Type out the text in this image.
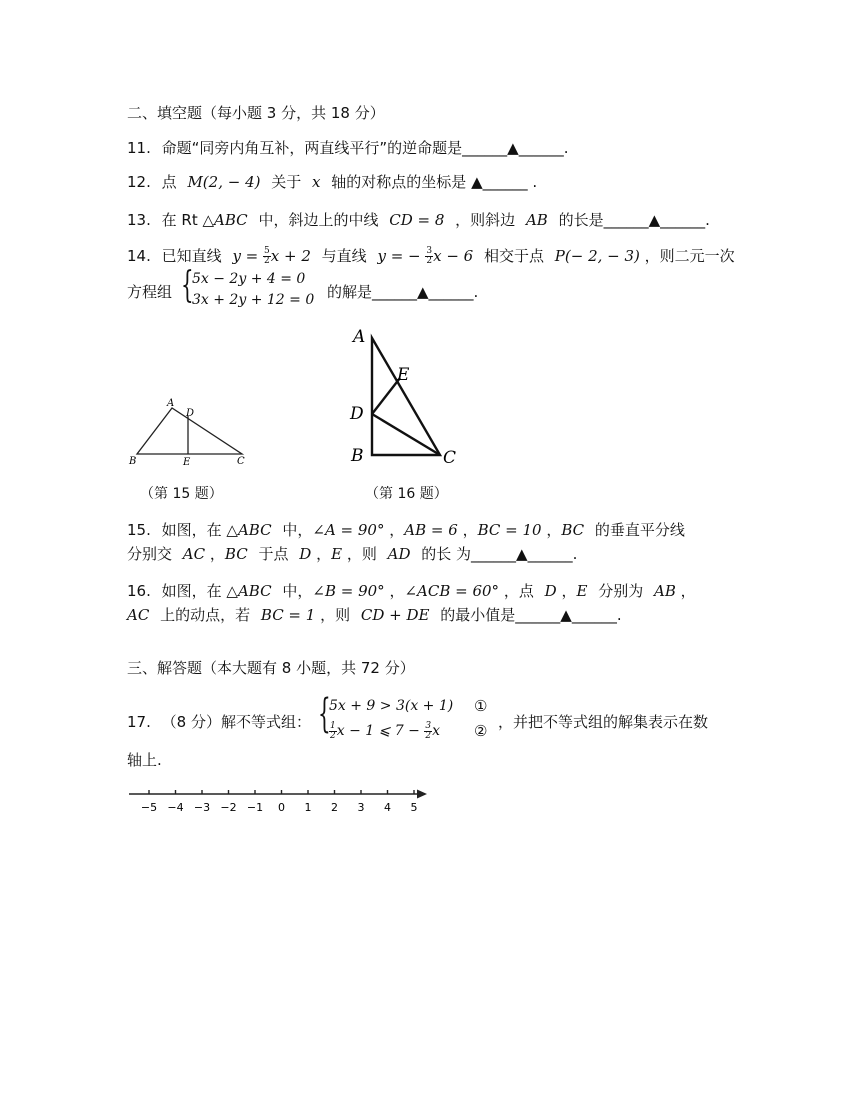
二、填空题（每小题 3 分，共 18 分）
11. 命题“同旁内角互补，两直线平行”的逆命题是______▲______.
12. 点 M(2, − 4) 关于 x 轴的对称点的坐标是 ▲______ .
13. 在 Rt △ABC 中，斜边上的中线 CD = 8 ，则斜边 AB 的长是______▲______.
14. 已知直线 $y = \frac{5}{2}$ x + 2 与直线 y = − $\frac{3}{2}$ x − 6 相交于点 P(− 2, − 3) ，则二元一次
方程组 {
5x − 2y + 4 = 0
3x + 2y + 12 = 0 的解是______▲______.
A
D
B	E	C
（第 15 题）
A
E
D
B	C
（第 16 题）
15. 如图，在 △ABC 中，∠A = 90° ，AB = 6 ，BC = 10 ，BC 的垂直平分线
分别交 AC ，BC 于点 D ，E ，则 AD 的长 为______▲______.
16. 如图，在 △ABC 中，∠B = 90° ，∠ACB = 60° ，点 D ，E 分别为 AB ，
AC 上的动点，若 BC = 1 ，则 CD + DE 的最小值是______▲______.
三、解答题（本大题有 8 小题，共 72 分）
17. （8 分）解不等式组： {
5x + 9 > 3(x + 1)
$\frac{1}{2}$ x − 1 ⩽ $7 - \frac{3}{2}$ x
①
② ，并把不等式组的解集表示在数
轴上.
−5 −4 −3 −2 −1 0 1 2 3 4 5
